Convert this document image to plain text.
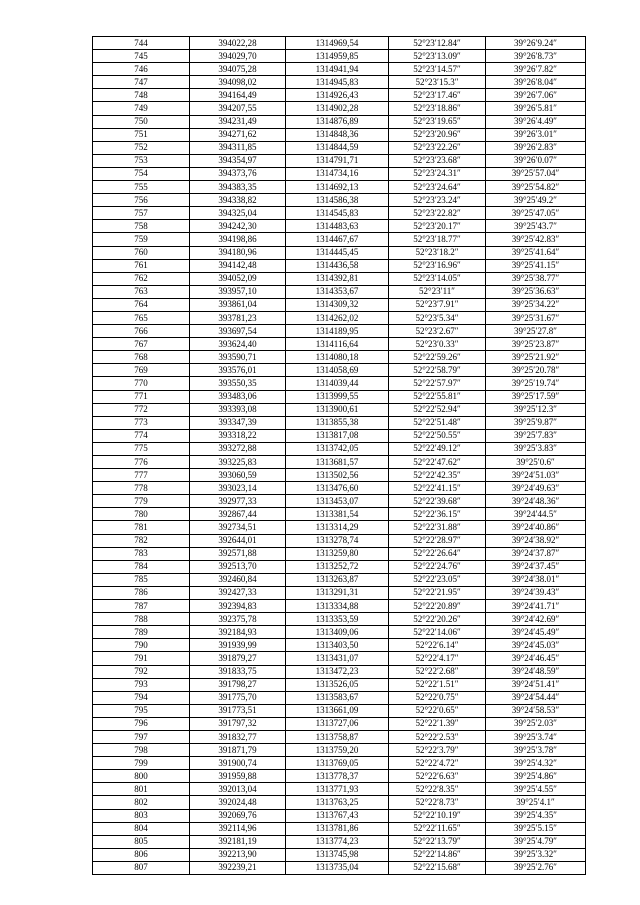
744	394022,28	1314969,54	52°23′12.84″	39°26′9.24″
745	394029,70	1314959,85	52°23′13.09″	39°26′8.73″
746	394075,28	1314941,94	52°23′14.57″	39°26′7.82″
747	394098,02	1314945,83	52°23′15.3″	39°26′8.04″
748	394164,49	1314926,43	52°23′17.46″	39°26′7.06″
749	394207,55	1314902,28	52°23′18.86″	39°26′5.81″
750	394231,49	1314876,89	52°23′19.65″	39°26′4.49″
751	394271,62	1314848,36	52°23′20.96″	39°26′3.01″
752	394311,85	1314844,59	52°23′22.26″	39°26′2.83″
753	394354,97	1314791,71	52°23′23.68″	39°26′0.07″
754	394373,76	1314734,16	52°23′24.31″	39°25′57.04″
755	394383,35	1314692,13	52°23′24.64″	39°25′54.82″
756	394338,82	1314586,38	52°23′23.24″	39°25′49.2″
757	394325,04	1314545,83	52°23′22.82″	39°25′47.05″
758	394242,30	1314483,63	52°23′20.17″	39°25′43.7″
759	394198,86	1314467,67	52°23′18.77″	39°25′42.83″
760	394180,96	1314445,45	52°23′18.2″	39°25′41.64″
761	394142,48	1314436,58	52°23′16.96″	39°25′41.15″
762	394052,09	1314392,81	52°23′14.05″	39°25′38.77″
763	393957,10	1314353,67	52°23′11″	39°25′36.63″
764	393861,04	1314309,32	52°23′7.91″	39°25′34.22″
765	393781,23	1314262,02	52°23′5.34″	39°25′31.67″
766	393697,54	1314189,95	52°23′2.67″	39°25′27.8″
767	393624,40	1314116,64	52°23′0.33″	39°25′23.87″
768	393590,71	1314080,18	52°22′59.26″	39°25′21.92″
769	393576,01	1314058,69	52°22′58.79″	39°25′20.78″
770	393550,35	1314039,44	52°22′57.97″	39°25′19.74″
771	393483,06	1313999,55	52°22′55.81″	39°25′17.59″
772	393393,08	1313900,61	52°22′52.94″	39°25′12.3″
773	393347,39	1313855,38	52°22′51.48″	39°25′9.87″
774	393318,22	1313817,08	52°22′50.55″	39°25′7.83″
775	393272,88	1313742,05	52°22′49.12″	39°25′3.83″
776	393225,83	1313681,57	52°22′47.62″	39°25′0.6″
777	393060,59	1313502,56	52°22′42.35″	39°24′51.03″
778	393023,14	1313476,60	52°22′41.15″	39°24′49.63″
779	392977,33	1313453,07	52°22′39.68″	39°24′48.36″
780	392867,44	1313381,54	52°22′36.15″	39°24′44.5″
781	392734,51	1313314,29	52°22′31.88″	39°24′40.86″
782	392644,01	1313278,74	52°22′28.97″	39°24′38.92″
783	392571,88	1313259,80	52°22′26.64″	39°24′37.87″
784	392513,70	1313252,72	52°22′24.76″	39°24′37.45″
785	392460,84	1313263,87	52°22′23.05″	39°24′38.01″
786	392427,33	1313291,31	52°22′21.95″	39°24′39.43″
787	392394,83	1313334,88	52°22′20.89″	39°24′41.71″
788	392375,78	1313353,59	52°22′20.26″	39°24′42.69″
789	392184,93	1313409,06	52°22′14.06″	39°24′45.49″
790	391939,99	1313403,50	52°22′6.14″	39°24′45.03″
791	391879,27	1313431,07	52°22′4.17″	39°24′46.45″
792	391833,75	1313472,23	52°22′2.68″	39°24′48.59″
793	391798,27	1313526,05	52°22′1.51″	39°24′51.41″
794	391775,70	1313583,67	52°22′0.75″	39°24′54.44″
795	391773,51	1313661,09	52°22′0.65″	39°24′58.53″
796	391797,32	1313727,06	52°22′1.39″	39°25′2.03″
797	391832,77	1313758,87	52°22′2.53″	39°25′3.74″
798	391871,79	1313759,20	52°22′3.79″	39°25′3.78″
799	391900,74	1313769,05	52°22′4.72″	39°25′4.32″
800	391959,88	1313778,37	52°22′6.63″	39°25′4.86″
801	392013,04	1313771,93	52°22′8.35″	39°25′4.55″
802	392024,48	1313763,25	52°22′8.73″	39°25′4.1″
803	392069,76	1313767,43	52°22′10.19″	39°25′4.35″
804	392114,96	1313781,86	52°22′11.65″	39°25′5.15″
805	392181,19	1313774,23	52°22′13.79″	39°25′4.79″
806	392213,90	1313745,98	52°22′14.86″	39°25′3.32″
807	392239,21	1313735,04	52°22′15.68″	39°25′2.76″
